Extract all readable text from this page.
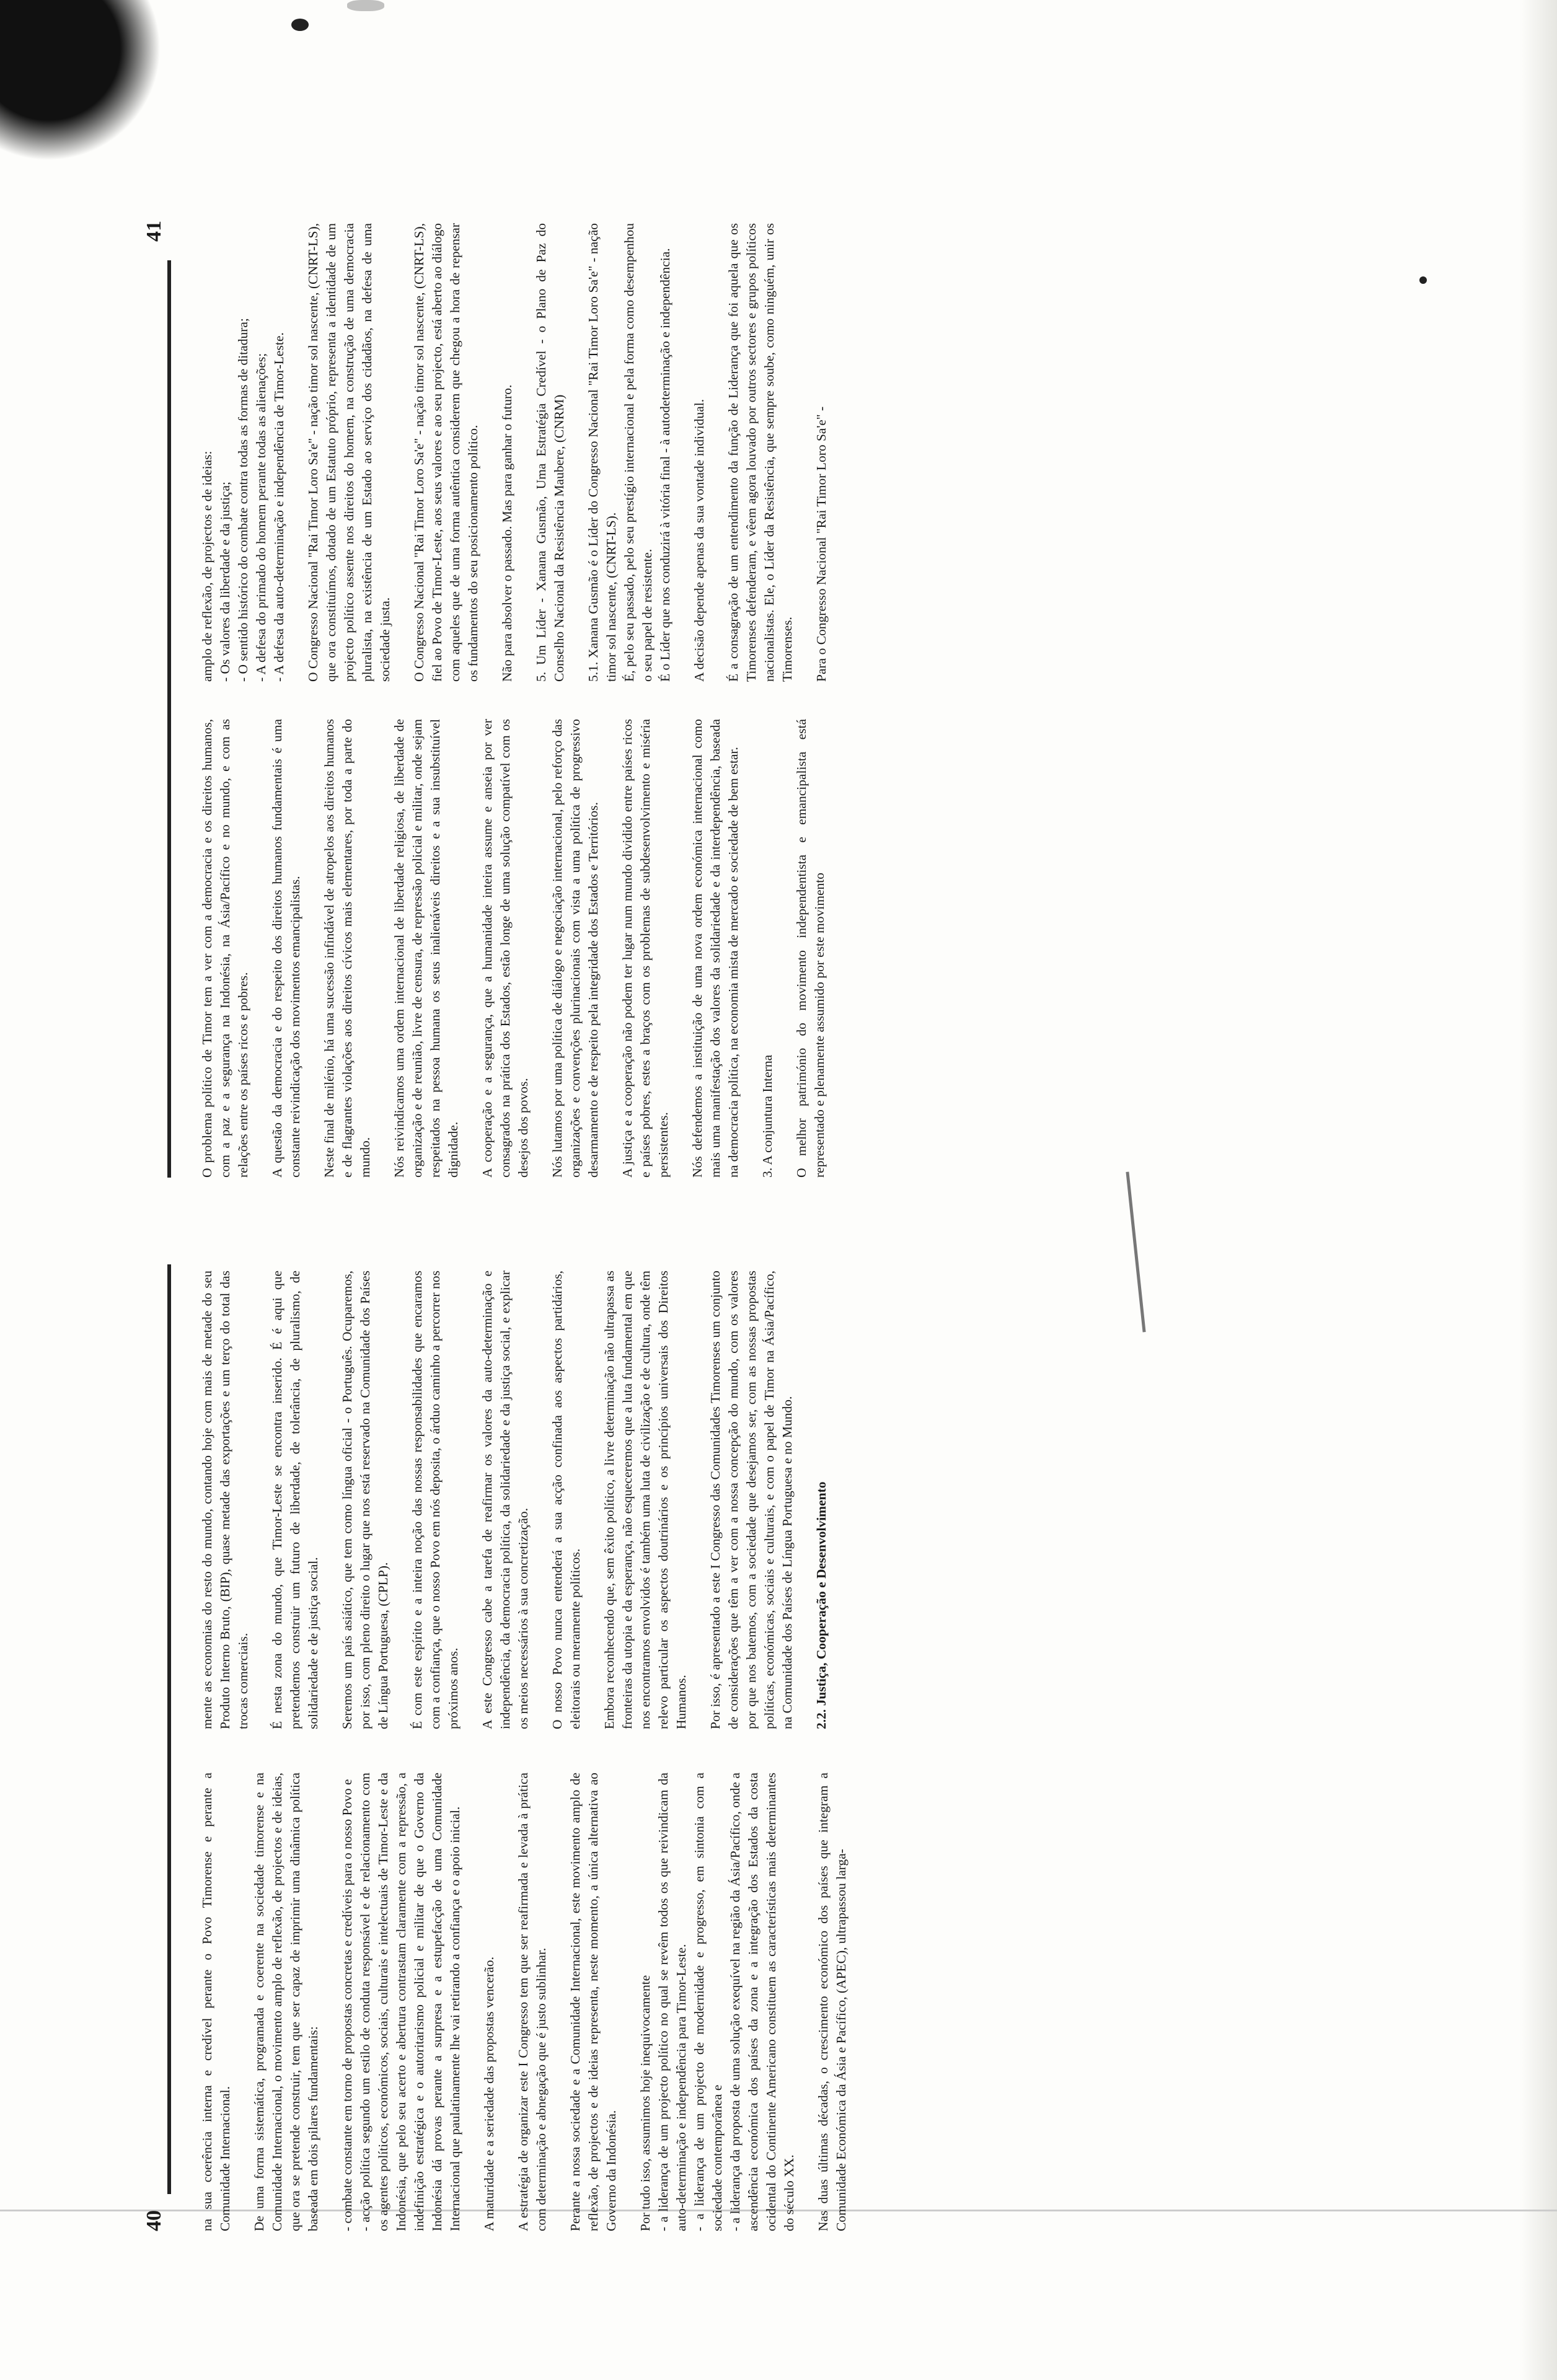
40	na sua coerência interna e credível perante o Povo Timorense e perante a Comunidade Internacional. De uma forma sistemática, programada e coerente na sociedade timorense e na Comunidade Internacional, o movimento amplo de reflexão, de projectos e de ideias, que ora se pretende construir, tem que ser capaz de imprimir uma dinâmica política baseada em dois pilares fundamentais: - combate constante em torno de propostas concretas e credíveis para o nosso Povo e - acção política segundo um estilo de conduta responsável e de relacionamento com os agentes políticos, económicos, sociais, culturais e intelectuais de Timor-Leste e da Indonésia, que pelo seu acerto e abertura contrastam claramente com a repressão, a indefinição estratégica e o autoritarismo policial e militar de que o Governo da Indonésia dá provas perante a surpresa e a estupefacção de uma Comunidade Internacional que paulatinamente lhe vai retirando a confiança e o apoio inicial. A maturidade e a seriedade das propostas vencerão. A estratégia de organizar este I Congresso tem que ser reafirmada e levada à prática com determinação e abnegação que é justo sublinhar. Perante a nossa sociedade e a Comunidade Internacional, este movimento amplo de reflexão, de projectos e de ideias representa, neste momento, a única alternativa ao Governo da Indonésia. Por tudo isso, assumimos hoje inequivocamente - a liderança de um projecto político no qual se revêm todos os que reivindicam da auto-determinação e independência para Timor-Leste. - a liderança de um projecto de modernidade e progresso, em sintonia com a sociedade contemporânea e - a liderança da proposta de uma solução exequível na região da Ásia/Pacífico, onde a ascendência económica dos países da zona e a integração dos Estados da costa ocidental do Continente Americano constituem as características mais determinantes do século XX. Nas duas últimas décadas, o crescimento económico dos países que integram a Comunidade Económica da Ásia e Pacífico, (APEC), ultrapassou larga-

mente as economias do resto do mundo, contando hoje com mais de metade do seu Produto Interno Bruto, (BIP), quase metade das exportações e um terço do total das trocas comerciais. É nesta zona do mundo, que Timor-Leste se encontra inserido. É é aqui que pretendemos construir um futuro de liberdade, de tolerância, de pluralismo, de solidariedade e de justiça social. Seremos um país asiático, que tem como língua oficial - o Português. Ocuparemos, por isso, com pleno direito o lugar que nos está reservado na Comunidade dos Países de Língua Portuguesa, (CPLP). É com este espírito e a inteira noção das nossas responsabilidades que encaramos com a confiança, que o nosso Povo em nós deposita, o árduo caminho a percorrer nos próximos anos. A este Congresso cabe a tarefa de reafirmar os valores da auto-determinação e independência, da democracia política, da solidariedade e da justiça social, e explicar os meios necessários à sua concretização. O nosso Povo nunca entenderá a sua acção confinada aos aspectos partidários, eleitorais ou meramente políticos. Embora reconhecendo que, sem êxito político, a livre determinação não ultrapassa as fronteiras da utopia e da esperança, não esqueceremos que a luta fundamental em que nos encontramos envolvidos é também uma luta de civilização e de cultura, onde têm relevo particular os aspectos doutrinários e os princípios universais dos Direitos Humanos. Por isso, é apresentado a este I Congresso das Comunidades Timorenses um conjunto de considerações que têm a ver com a nossa concepção do mundo, com os valores por que nos batemos, com a sociedade que desejamos ser, com as nossas propostas políticas, económicas, sociais e culturais, e com o papel de Timor na Ásia/Pacífico, na Comunidade dos Países de Língua Portuguesa e no Mundo. 2.2. Justiça, Cooperação e Desenvolvimento

41

O problema político de Timor tem a ver com a democracia e os direitos humanos, com a paz e a segurança na Indonésia, na Ásia/Pacífico e no mundo, e com as relações entre os países ricos e pobres. A questão da democracia e do respeito dos direitos humanos fundamentais é uma constante reivindicação dos movimentos emancipalistas. Neste final de milénio, há uma sucessão infindável de atropelos aos direitos humanos e de flagrantes violações aos direitos cívicos mais elementares, por toda a parte do mundo. Nós reivindicamos uma ordem internacional de liberdade religiosa, de liberdade de organização e de reunião, livre de censura, de repressão policial e militar, onde sejam respeitados na pessoa humana os seus inalienáveis direitos e a sua insubstituível dignidade. A cooperação e a segurança, que a humanidade inteira assume e anseia por ver consagrados na prática dos Estados, estão longe de uma solução compatível com os desejos dos povos. Nós lutamos por uma política de diálogo e negociação internacional, pelo reforço das organizações e convenções plurinacionais com vista a uma política de progressivo desarmamento e de respeito pela integridade dos Estados e Territórios. A justiça e a cooperação não podem ter lugar num mundo dividido entre países ricos e países pobres, estes a braços com os problemas de subdesenvolvimento e miséria persistentes. Nós defendemos a instituição de uma nova ordem económica internacional como mais uma manifestação dos valores da solidariedade e da interdependência, baseada na democracia política, na economia mista de mercado e sociedade de bem estar. 3. A conjuntura Interna O melhor património do movimento independentista e emancipalista está representado e plenamente assumido por este movimento

amplo de reflexão, de projectos e de ideias: - Os valores da liberdade e da justiça; - O sentido histórico do combate contra todas as formas de ditadura; - A defesa do primado do homem perante todas as alienações; - A defesa da auto-determinação e independência de Timor-Leste. O Congresso Nacional "Rai Timor Loro Sa'e" - nação timor sol nascente, (CNRT-LS), que ora constituímos, dotado de um Estatuto próprio, representa a identidade de um projecto político assente nos direitos do homem, na construção de uma democracia pluralista, na existência de um Estado ao serviço dos cidadãos, na defesa de uma sociedade justa. O Congresso Nacional "Rai Timor Loro Sa'e" - nação timor sol nascente, (CNRT-LS), fiel ao Povo de Timor-Leste, aos seus valores e ao seu projecto, está aberto ao diálogo com aqueles que de uma forma autêntica considerem que chegou a hora de repensar os fundamentos do seu posicionamento político. Não para absolver o passado. Mas para ganhar o futuro. 5. Um Líder - Xanana Gusmão, Uma Estratégia Credível - o Plano de Paz do Conselho Nacional da Resistência Maubere, (CNRM) 5.1. Xanana Gusmão é o Líder do Congresso Nacional "Rai Timor Loro Sa'e" - nação timor sol nascente, (CNRT-LS). É, pelo seu passado, pelo seu prestígio internacional e pela forma como desempenhou o seu papel de resistente. É o Líder que nos conduzirá à vitória final - à autodeterminação e independência. A decisão depende apenas da sua vontade individual. É a consagração de um entendimento da função de Liderança que foi aquela que os Timorenses defenderam, e vêem agora louvado por outros sectores e grupos políticos nacionalistas. Ele, o Líder da Resistência, que sempre soube, como ninguém, unir os Timorenses. Para o Congresso Nacional "Rai Timor Loro Sa'e" -
